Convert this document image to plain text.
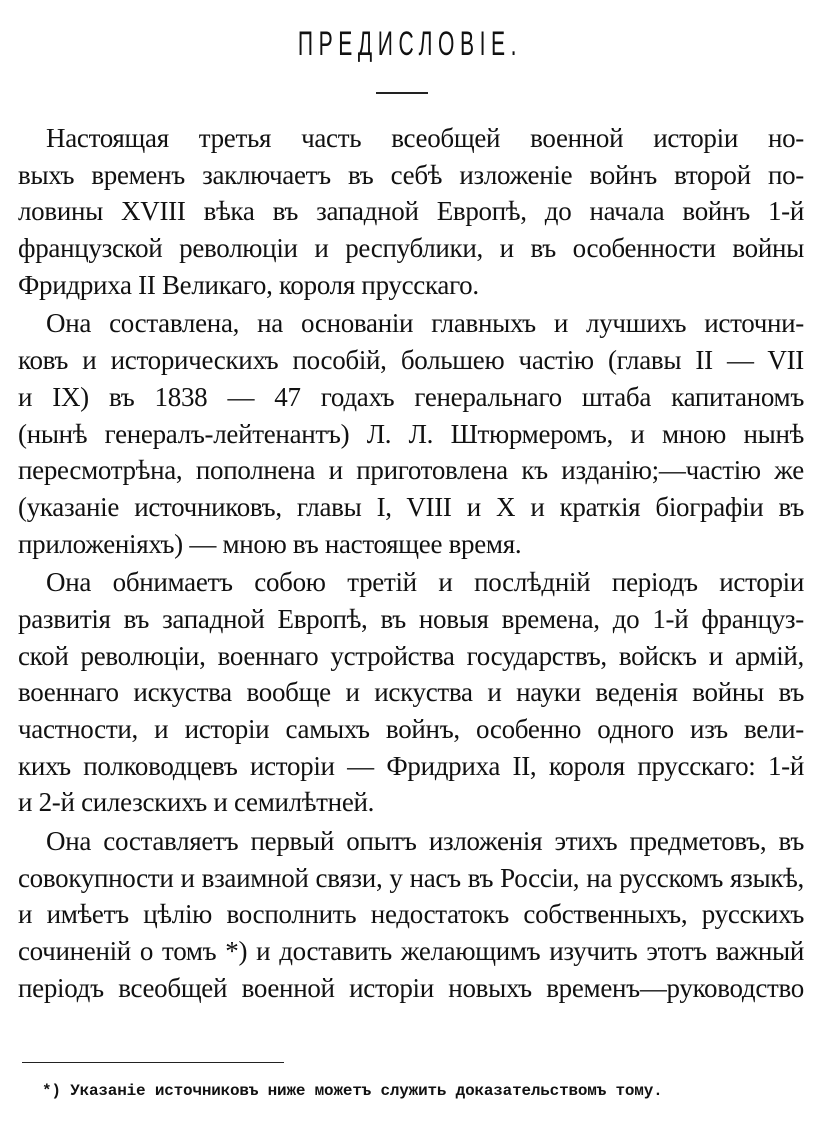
ПРЕДИСЛОВІЕ.
Настоящая третья часть всеобщей военной исторіи но-
выхъ временъ заключаетъ въ себѣ изложеніе войнъ второй по-
ловины XVIII вѣка въ западной Европѣ, до начала войнъ 1-й
французской революціи и республики, и въ особенности войны
Фридриха II Великаго, короля прусскаго.
Она составлена, на основаніи главныхъ и лучшихъ источни-
ковъ и историческихъ пособій, большею частію (главы II — VII
и IX) въ 1838 — 47 годахъ генеральнаго штаба капитаномъ
(нынѣ генералъ-лейтенантъ) Л. Л. Штюрмеромъ, и мною нынѣ
пересмотрѣна, пополнена и приготовлена къ изданію;—частію же
(указаніе источниковъ, главы I, VIII и X и краткія біографіи въ
приложеніяхъ) — мною въ настоящее время.
Она обнимаетъ собою третій и послѣдній періодъ исторіи
развитія въ западной Европѣ, въ новыя времена, до 1-й француз-
ской революціи, военнаго устройства государствъ, войскъ и армій,
военнаго искуства вообще и искуства и науки веденія войны въ
частности, и исторіи самыхъ войнъ, особенно одного изъ вели-
кихъ полководцевъ исторіи — Фридриха II, короля прусскаго: 1-й
и 2-й силезскихъ и семилѣтней.
Она составляетъ первый опытъ изложенія этихъ предметовъ, въ
совокупности и взаимной связи, у насъ въ Россіи, на русскомъ языкѣ,
и имѣетъ цѣлію восполнить недостатокъ собственныхъ, русскихъ
сочиненій о томъ *) и доставить желающимъ изучить этотъ важный
періодъ всеобщей военной исторіи новыхъ временъ—руководство
*) Указаніе источниковъ ниже можетъ служить доказательствомъ тому.
